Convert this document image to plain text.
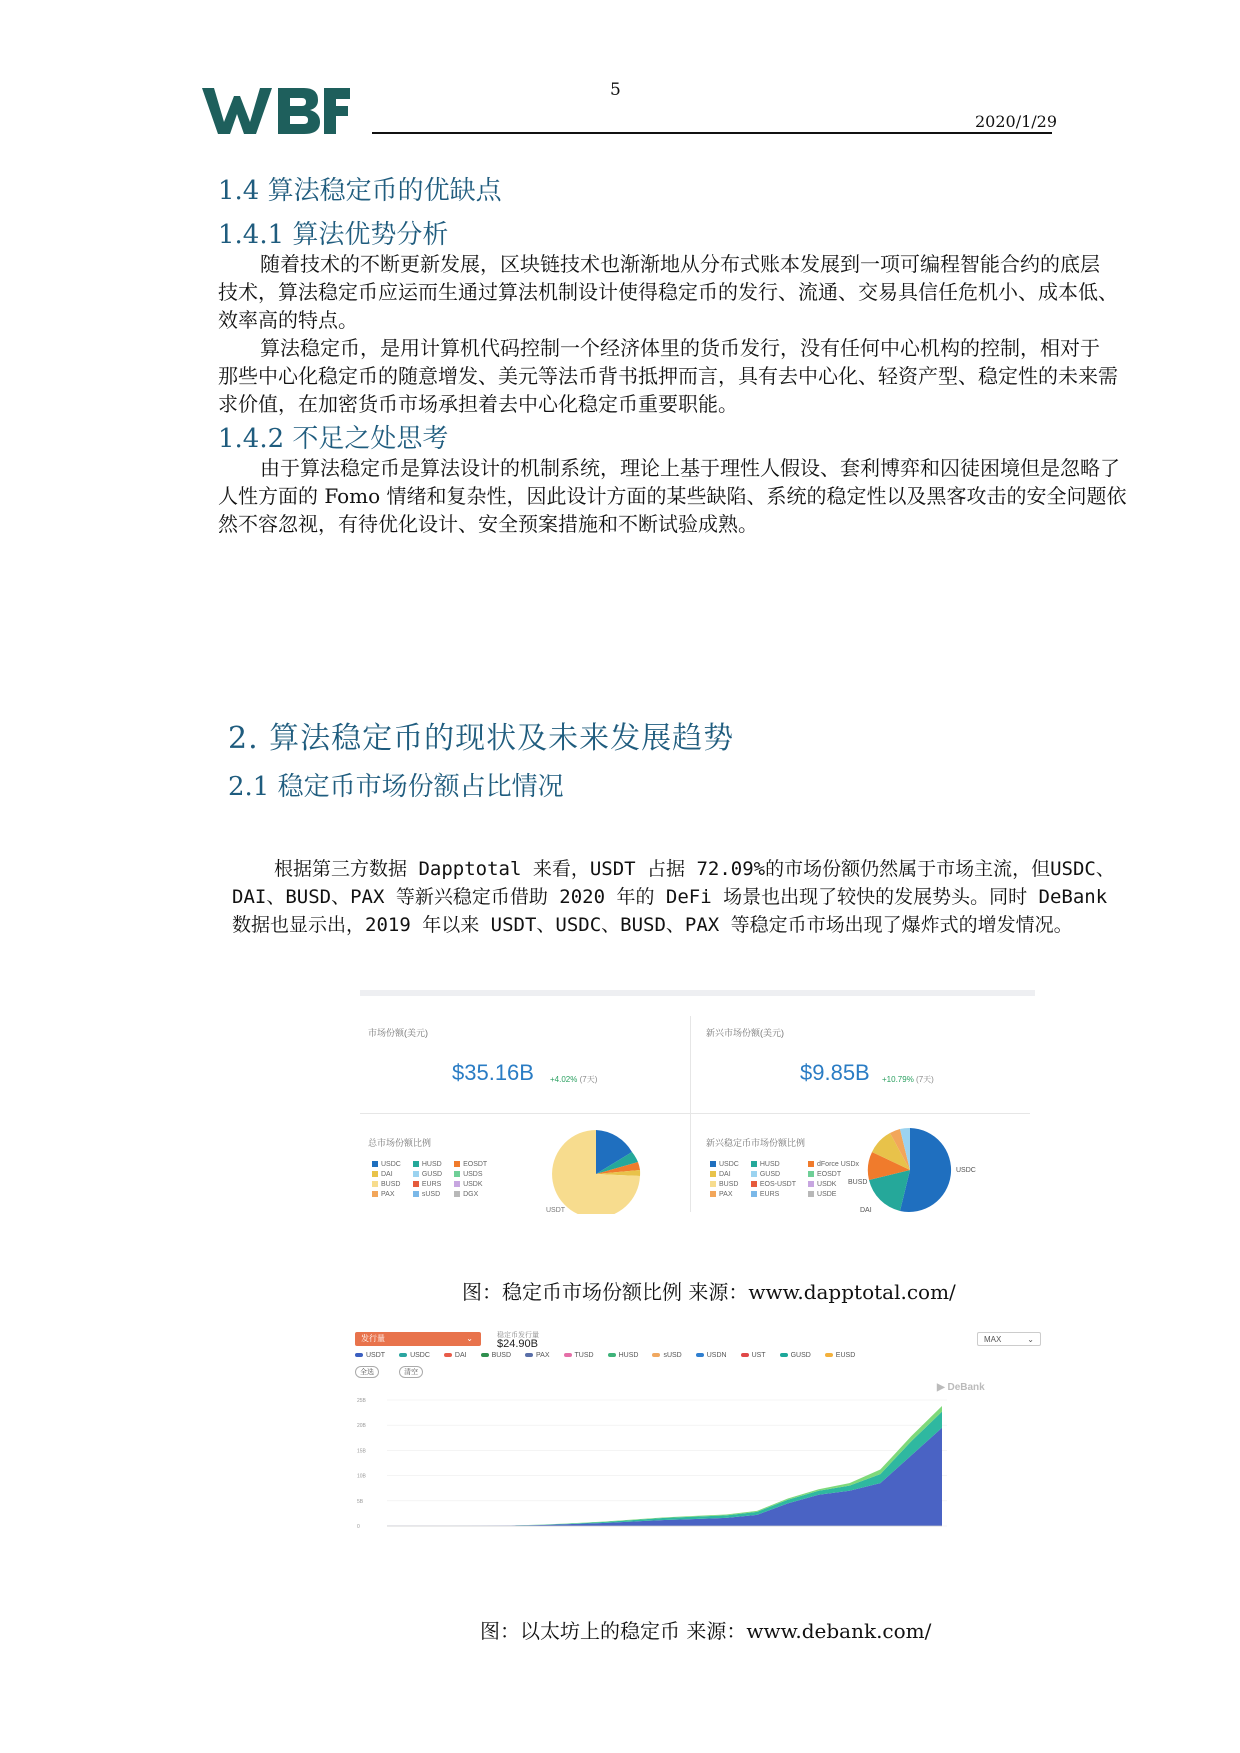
5
2020/1/29
1.4 算法稳定币的优缺点
1.4.1 算法优势分析
随着技术的不断更新发展，区块链技术也渐渐地从分布式账本发展到一项可编程智能合约的底层技术，算法稳定币应运而生通过算法机制设计使得稳定币的发行、流通、交易具信任危机小、成本低、效率高的特点。
算法稳定币，是用计算机代码控制一个经济体里的货币发行，没有任何中心机构的控制，相对于那些中心化稳定币的随意增发、美元等法币背书抵押而言，具有去中心化、轻资产型、稳定性的未来需求价值，在加密货币市场承担着去中心化稳定币重要职能。
1.4.2 不足之处思考
由于算法稳定币是算法设计的机制系统，理论上基于理性人假设、套利博弈和囚徒困境但是忽略了人性方面的 Fomo 情绪和复杂性，因此设计方面的某些缺陷、系统的稳定性以及黑客攻击的安全问题依然不容忽视，有待优化设计、安全预案措施和不断试验成熟。
2. 算法稳定币的现状及未来发展趋势
2.1 稳定币市场份额占比情况
根据第三方数据 Dapptotal 来看，USDT 占据 72.09%的市场份额仍然属于市场主流，但USDC、DAI、BUSD、PAX 等新兴稳定币借助 2020 年的 DeFi 场景也出现了较快的发展势头。同时 DeBank 数据也显示出，2019 年以来 USDT、USDC、BUSD、PAX 等稳定币市场出现了爆炸式的增发情况。
市场份额(美元)
$35.16B +4.02% (7天)
新兴市场份额(美元)
$9.85B +10.79% (7天)
总市场份额比例
USDC	HUSD	EOSDT
DAI	GUSD	USDS
BUSD	EURS	USDK
PAX	sUSD	DGX
USDT
新兴稳定币市场份额比例
USDC	HUSD	dForce USDx
DAI	GUSD	EOSDT
BUSD	EOS-USDT	USDK
PAX	EURS	USDE
BUSD
DAI
USDC
图：稳定币市场份额比例 来源：www.dapptotal.com/
发行量	⌄	稳定币发行量
$24.90B	MAX	⌄
USDT	USDC	DAI	BUSD	PAX	TUSD	HUSD	sUSD	USDN	UST	GUSD	EUSD
全选	清空
▶ DeBank
0
5B
10B
15B
20B
25B
图：以太坊上的稳定币 来源：www.debank.com/
